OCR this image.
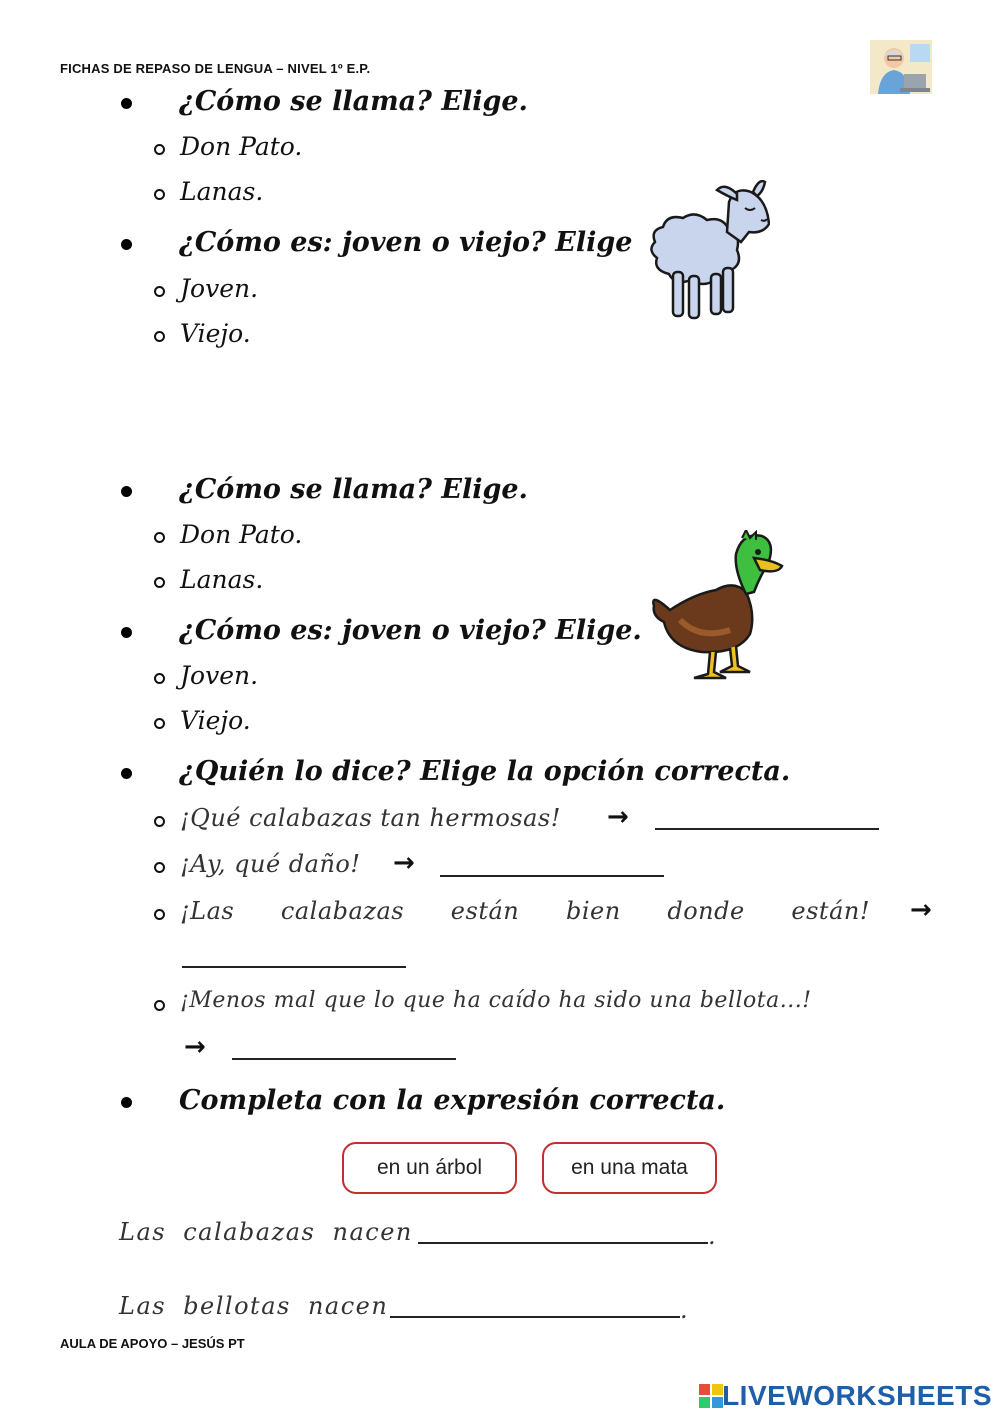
FICHAS DE REPASO DE LENGUA – NIVEL 1º E.P.
¿Cómo se llama? Elige.
Don Pato.
Lanas.
¿Cómo es: joven o viejo? Elige
Joven.
Viejo.
¿Cómo se llama? Elige.
Don Pato.
Lanas.
¿Cómo es: joven o viejo? Elige.
Joven.
Viejo.
¿Quién lo dice? Elige la opción correcta.
¡Qué calabazas tan hermosas! →
¡Ay, qué daño! →
¡Las calabazas están bien donde están! →
¡Menos mal que lo que ha caído ha sido una bellota...!
→
Completa con la expresión correcta.
en un árbol	en una mata
Las calabazas nacen	.
Las bellotas nacen	.
AULA DE APOYO – JESÚS PT
LIVEWORKSHEETS
